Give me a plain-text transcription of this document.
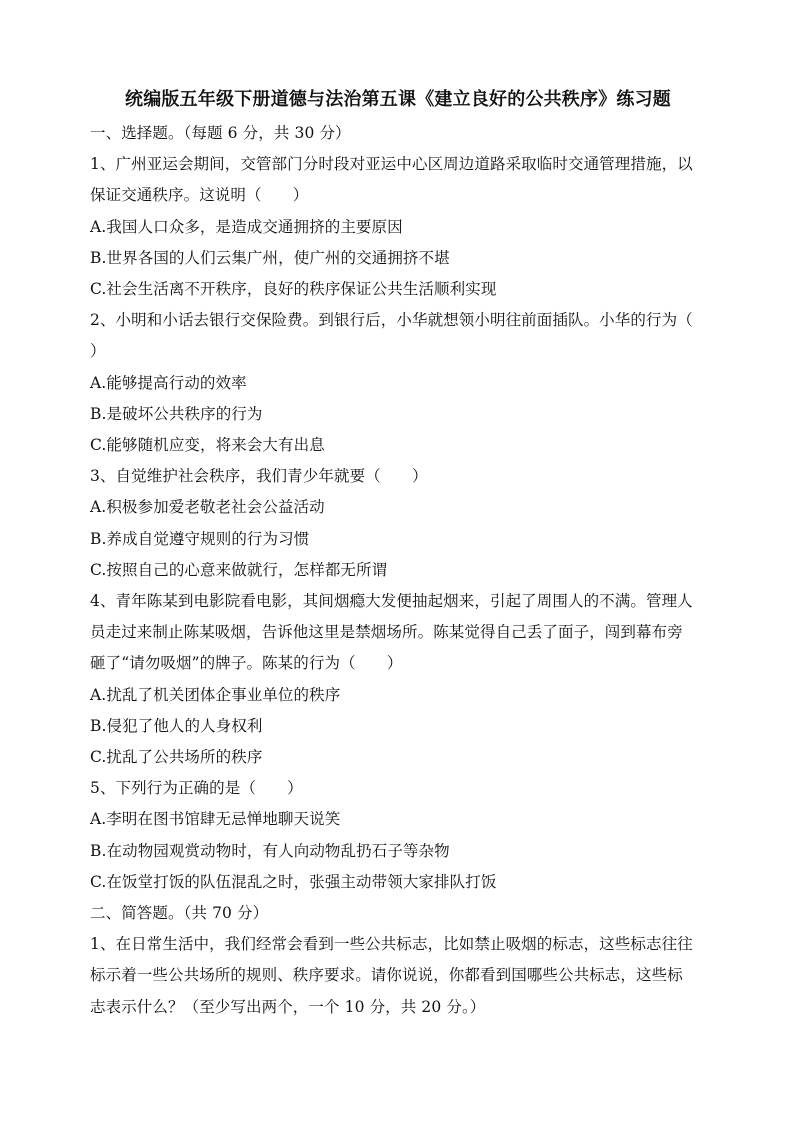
统编版五年级下册道德与法治第五课《建立良好的公共秩序》练习题
一、选择题。（每题 6 分，共 30 分）
1、广州亚运会期间，交管部门分时段对亚运中心区周边道路采取临时交通管理措施，以
保证交通秩序。这说明（　　）
A.我国人口众多，是造成交通拥挤的主要原因
B.世界各国的人们云集广州，使广州的交通拥挤不堪
C.社会生活离不开秩序，良好的秩序保证公共生活顺利实现
2、小明和小话去银行交保险费。到银行后，小华就想领小明往前面插队。小华的行为（
）
A.能够提高行动的效率
B.是破坏公共秩序的行为
C.能够随机应变，将来会大有出息
3、自觉维护社会秩序，我们青少年就要（　　）
A.积极参加爱老敬老社会公益活动
B.养成自觉遵守规则的行为习惯
C.按照自己的心意来做就行，怎样都无所谓
4、青年陈某到电影院看电影，其间烟瘾大发便抽起烟来，引起了周围人的不满。管理人
员走过来制止陈某吸烟，告诉他这里是禁烟场所。陈某觉得自己丢了面子，闯到幕布旁
砸了“请勿吸烟”的牌子。陈某的行为（　　）
A.扰乱了机关团体企事业单位的秩序
B.侵犯了他人的人身权利
C.扰乱了公共场所的秩序
5、下列行为正确的是（　　）
A.李明在图书馆肆无忌惮地聊天说笑
B.在动物园观赏动物时，有人向动物乱扔石子等杂物
C.在饭堂打饭的队伍混乱之时，张强主动带领大家排队打饭
二、简答题。（共 70 分）
1、在日常生活中，我们经常会看到一些公共标志，比如禁止吸烟的标志，这些标志往往
标示着一些公共场所的规则、秩序要求。请你说说，你都看到国哪些公共标志，这些标
志表示什么？（至少写出两个，一个 10 分，共 20 分。）
